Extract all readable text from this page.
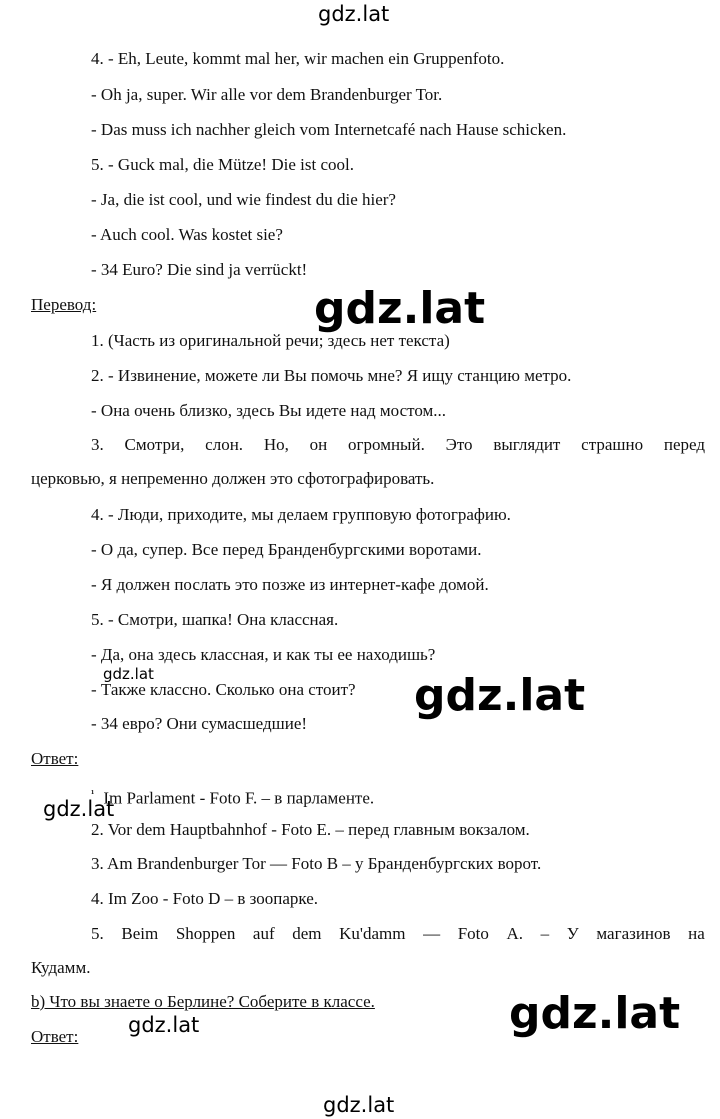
gdz.lat
gdz.lat
gdz.lat	gdz.lat
gdz.lat
gdz.lat	gdz.lat
gdz.lat
4. - Eh, Leute, kommt mal her, wir machen ein Gruppenfoto.
- Oh ja, super. Wir alle vor dem Brandenburger Tor.
- Das muss ich nachher gleich vom Internetcafé nach Hause schicken.
5. - Guck mal, die Mütze! Die ist cool.
- Ja, die ist cool, und wie findest du die hier?
- Auch cool. Was kostet sie?
- 34 Euro? Die sind ja verrückt!
Перевод:
1. (Часть из оригинальной речи; здесь нет текста)
2. - Извинение, можете ли Вы помочь мне? Я ищу станцию метро.
- Она очень близко, здесь Вы идете над мостом...
3. Смотри, слон. Но, он огромный. Это выглядит страшно перед
церковью, я непременно должен это сфотографировать.
4. - Люди, приходите, мы делаем групповую фотографию.
- О да, супер. Все перед Бранденбургскими воротами.
- Я должен послать это позже из интернет-кафе домой.
5. - Смотри, шапка! Она классная.
- Да, она здесь классная, и как ты ее находишь?
- Также классно. Сколько она стоит?
- 34 евро? Они сумасшедшие!
Ответ:
$^{^1}$ Im Parlament - Foto F. – в парламенте.
2. Vor dem Hauptbahnhof - Foto E. – перед главным вокзалом.
3. Am Brandenburger Tor — Foto B – у Бранденбургских ворот.
4. Im Zoo - Foto D – в зоопарке.
5. Beim Shoppen auf dem Ku'damm — Foto A. – У магазинов на
Кудамм.
b) Что вы знаете о Берлине? Соберите в классе.
Ответ:
